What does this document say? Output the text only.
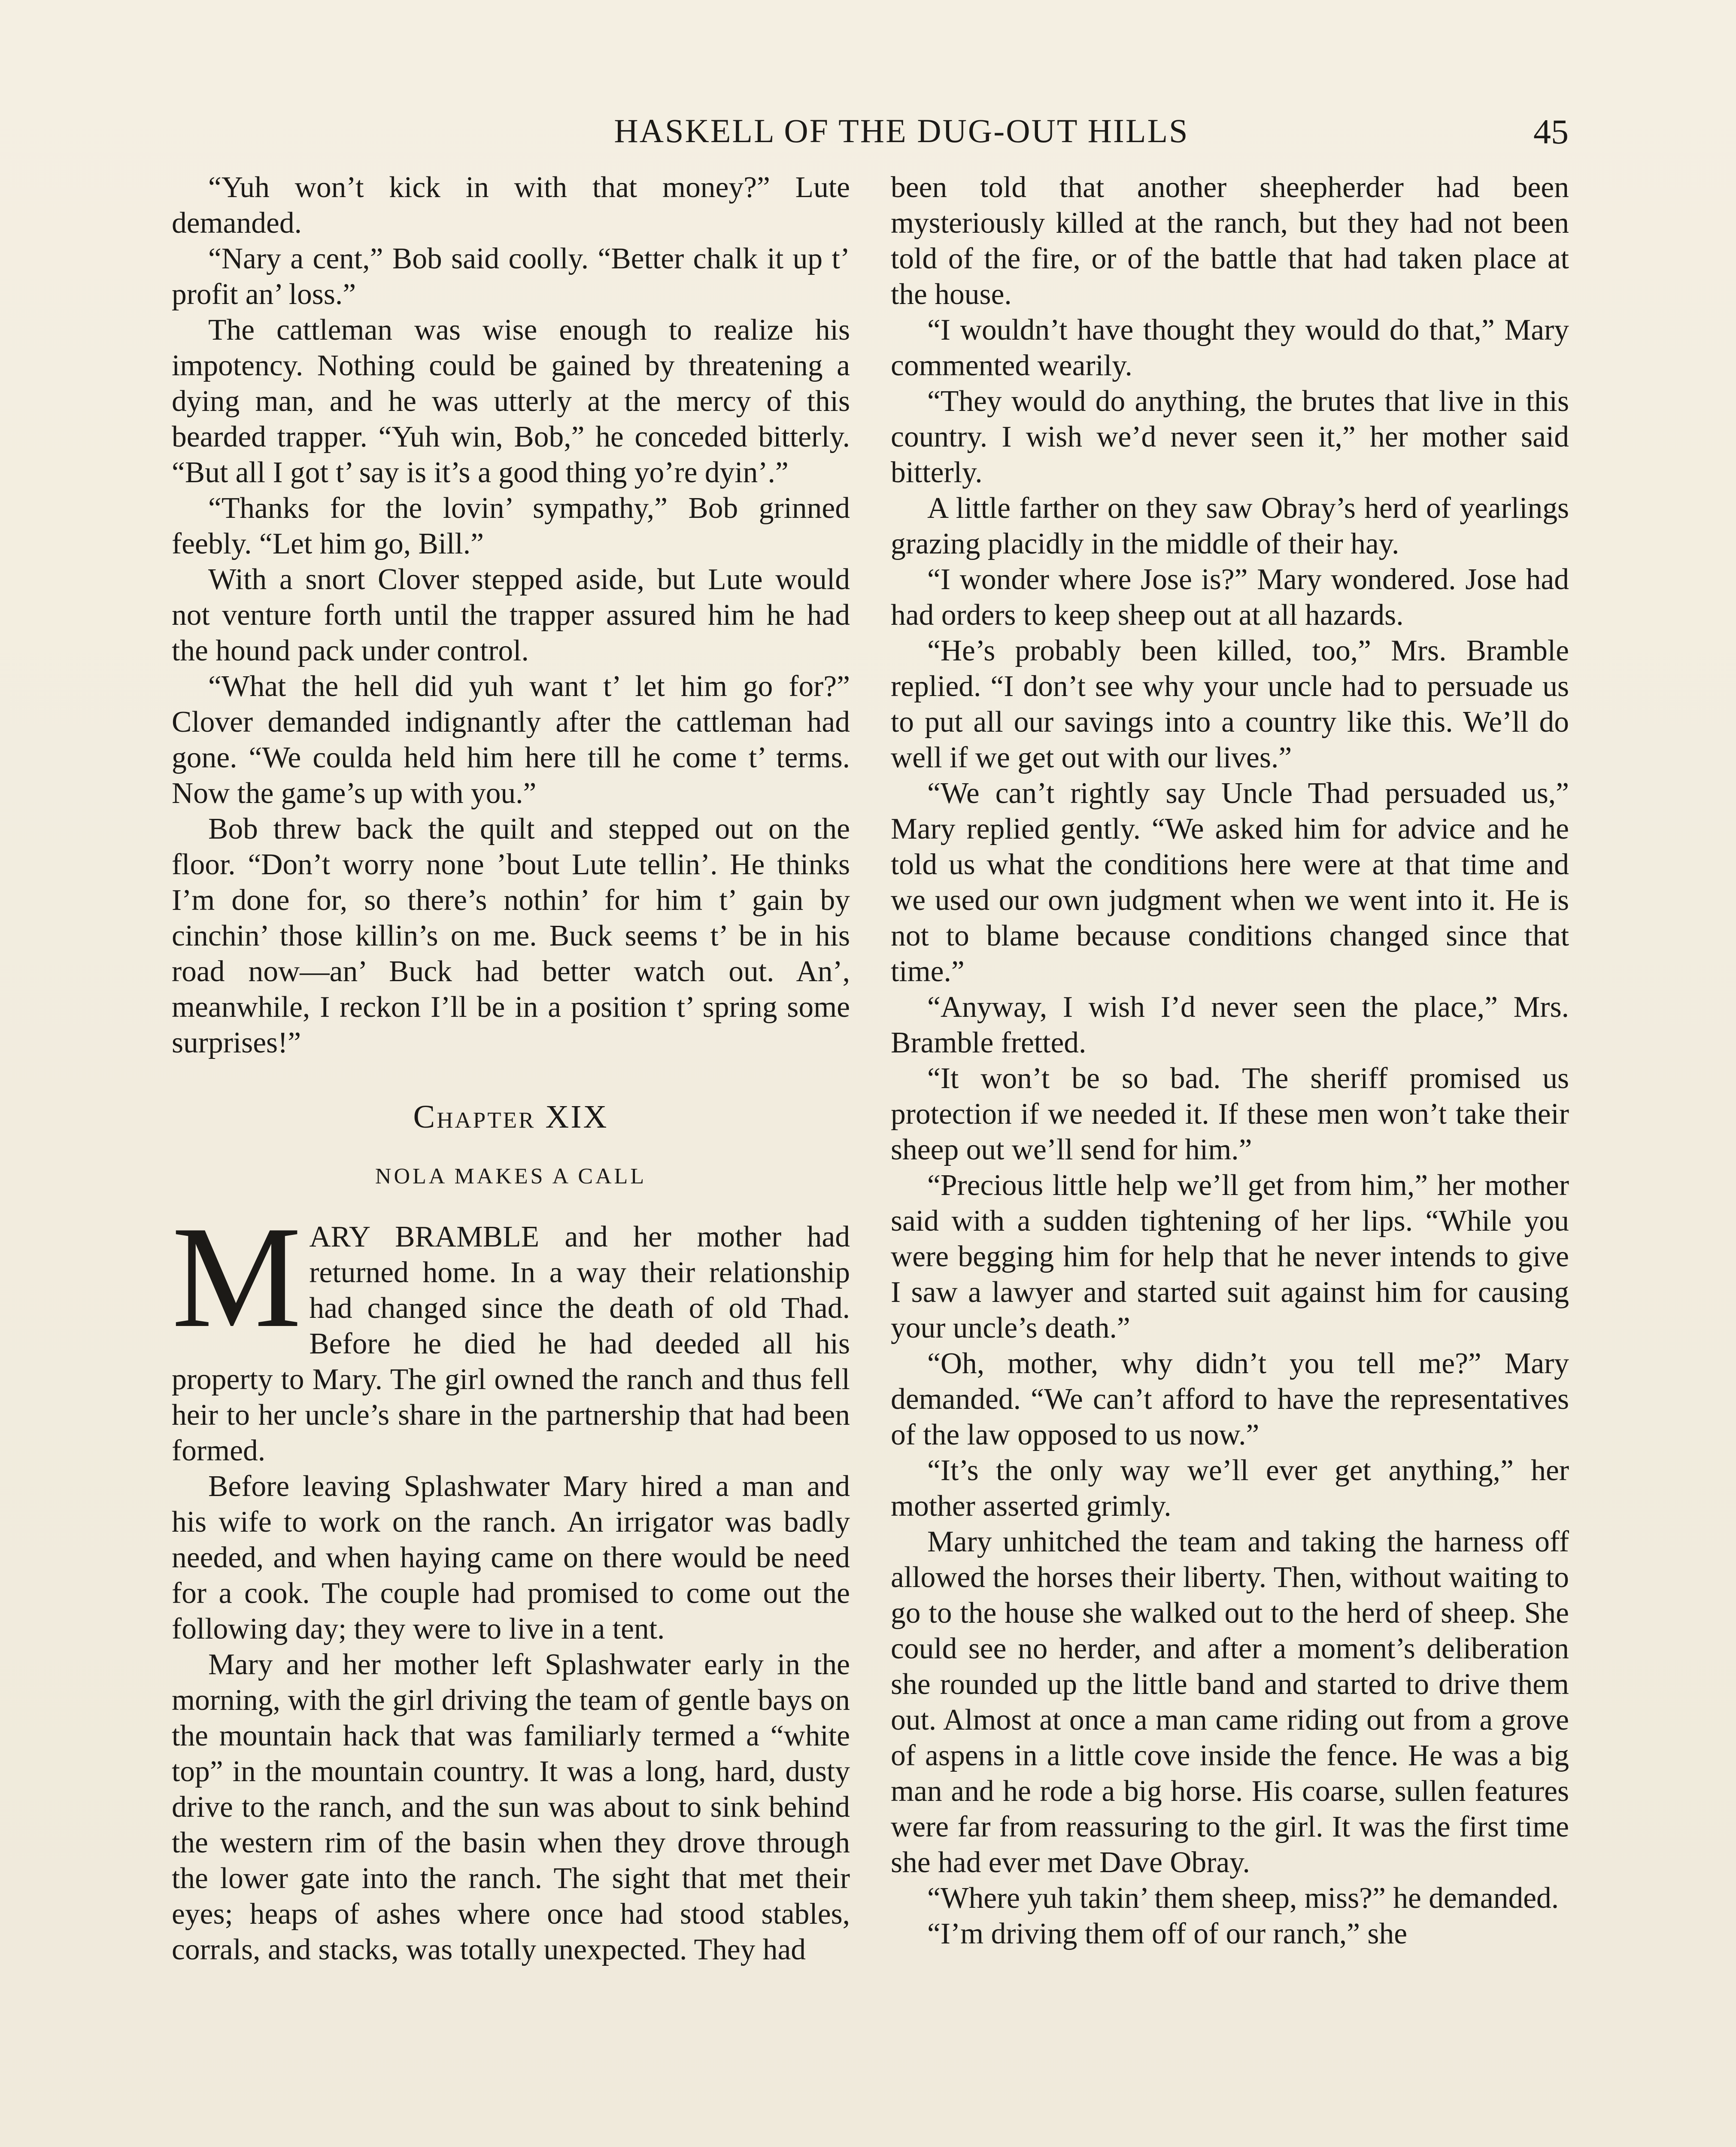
HASKELL OF THE DUG-OUT HILLS	45

“Yuh won’t kick in with that money?” Lute demanded.

“Nary a cent,” Bob said coolly. “Better chalk it up t’ profit an’ loss.”

The cattleman was wise enough to realize his impotency. Nothing could be gained by threatening a dying man, and he was utterly at the mercy of this bearded trapper. “Yuh win, Bob,” he conceded bitterly. “But all I got t’ say is it’s a good thing yo’re dyin’.”

“Thanks for the lovin’ sympathy,” Bob grinned feebly. “Let him go, Bill.”

With a snort Clover stepped aside, but Lute would not venture forth until the trapper assured him he had the hound pack under control.

“What the hell did yuh want t’ let him go for?” Clover demanded indignantly after the cattleman had gone. “We coulda held him here till he come t’ terms. Now the game’s up with you.”

Bob threw back the quilt and stepped out on the floor. “Don’t worry none ’bout Lute tellin’. He thinks I’m done for, so there’s nothin’ for him t’ gain by cinchin’ those killin’s on me. Buck seems t’ be in his road now—an’ Buck had better watch out. An’, meanwhile, I reckon I’ll be in a position t’ spring some surprises!”

Chapter XIX
NOLA MAKES A CALL

MARY BRAMBLE and her mother had returned home. In a way their relationship had changed since the death of old Thad. Before he died he had deeded all his property to Mary. The girl owned the ranch and thus fell heir to her uncle’s share in the partnership that had been formed.

Before leaving Splashwater Mary hired a man and his wife to work on the ranch. An irrigator was badly needed, and when haying came on there would be need for a cook. The couple had promised to come out the following day; they were to live in a tent.

Mary and her mother left Splashwater early in the morning, with the girl driving the team of gentle bays on the mountain hack that was familiarly termed a “white top” in the mountain country. It was a long, hard, dusty drive to the ranch, and the sun was about to sink behind the western rim of the basin when they drove through the lower gate into the ranch. The sight that met their eyes; heaps of ashes where once had stood stables, corrals, and stacks, was totally unexpected. They had

been told that another sheepherder had been mysteriously killed at the ranch, but they had not been told of the fire, or of the battle that had taken place at the house.

“I wouldn’t have thought they would do that,” Mary commented wearily.

“They would do anything, the brutes that live in this country. I wish we’d never seen it,” her mother said bitterly.

A little farther on they saw Obray’s herd of yearlings grazing placidly in the middle of their hay.

“I wonder where Jose is?” Mary wondered. Jose had had orders to keep sheep out at all hazards.

“He’s probably been killed, too,” Mrs. Bramble replied. “I don’t see why your uncle had to persuade us to put all our savings into a country like this. We’ll do well if we get out with our lives.”

“We can’t rightly say Uncle Thad persuaded us,” Mary replied gently. “We asked him for advice and he told us what the conditions here were at that time and we used our own judgment when we went into it. He is not to blame because conditions changed since that time.”

“Anyway, I wish I’d never seen the place,” Mrs. Bramble fretted.

“It won’t be so bad. The sheriff promised us protection if we needed it. If these men won’t take their sheep out we’ll send for him.”

“Precious little help we’ll get from him,” her mother said with a sudden tightening of her lips. “While you were begging him for help that he never intends to give I saw a lawyer and started suit against him for causing your uncle’s death.”

“Oh, mother, why didn’t you tell me?” Mary demanded. “We can’t afford to have the representatives of the law opposed to us now.”

“It’s the only way we’ll ever get anything,” her mother asserted grimly.

Mary unhitched the team and taking the harness off allowed the horses their liberty. Then, without waiting to go to the house she walked out to the herd of sheep. She could see no herder, and after a moment’s deliberation she rounded up the little band and started to drive them out. Almost at once a man came riding out from a grove of aspens in a little cove inside the fence. He was a big man and he rode a big horse. His coarse, sullen features were far from reassuring to the girl. It was the first time she had ever met Dave Obray.

“Where yuh takin’ them sheep, miss?” he demanded.

“I’m driving them off of our ranch,” she
